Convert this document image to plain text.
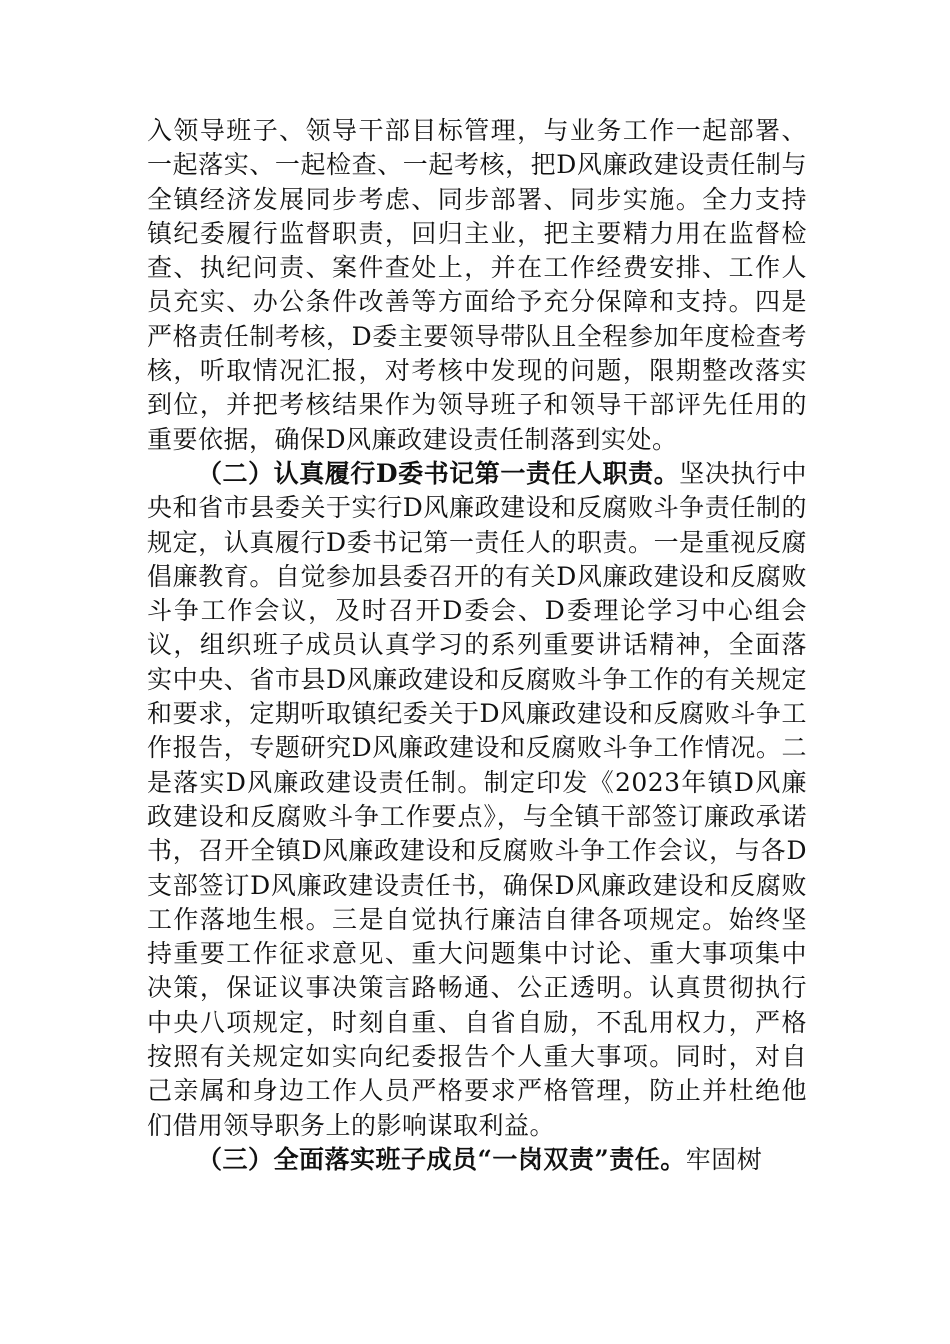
入领导班子、领导干部目标管理，与业务工作一起部署、一起落实、一起检查、一起考核，把D风廉政建设责任制与全镇经济发展同步考虑、同步部署、同步实施。全力支持镇纪委履行监督职责，回归主业，把主要精力用在监督检查、执纪问责、案件查处上，并在工作经费安排、工作人员充实、办公条件改善等方面给予充分保障和支持。四是严格责任制考核，D委主要领导带队且全程参加年度检查考核，听取情况汇报，对考核中发现的问题，限期整改落实到位，并把考核结果作为领导班子和领导干部评先任用的重要依据，确保D风廉政建设责任制落到实处。

（二）认真履行D委书记第一责任人职责。坚决执行中央和省市县委关于实行D风廉政建设和反腐败斗争责任制的规定，认真履行D委书记第一责任人的职责。一是重视反腐倡廉教育。自觉参加县委召开的有关D风廉政建设和反腐败斗争工作会议，及时召开D委会、D委理论学习中心组会议，组织班子成员认真学习的系列重要讲话精神，全面落实中央、省市县D风廉政建设和反腐败斗争工作的有关规定和要求，定期听取镇纪委关于D风廉政建设和反腐败斗争工作报告，专题研究D风廉政建设和反腐败斗争工作情况。二是落实D风廉政建设责任制。制定印发《2023年镇D风廉政建设和反腐败斗争工作要点》，与全镇干部签订廉政承诺书，召开全镇D风廉政建设和反腐败斗争工作会议，与各D支部签订D风廉政建设责任书，确保D风廉政建设和反腐败工作落地生根。三是自觉执行廉洁自律各项规定。始终坚持重要工作征求意见、重大问题集中讨论、重大事项集中决策，保证议事决策言路畅通、公正透明。认真贯彻执行中央八项规定，时刻自重、自省自励，不乱用权力，严格按照有关规定如实向纪委报告个人重大事项。同时，对自己亲属和身边工作人员严格要求严格管理，防止并杜绝他们借用领导职务上的影响谋取利益。

（三）全面落实班子成员“一岗双责”责任。牢固树
